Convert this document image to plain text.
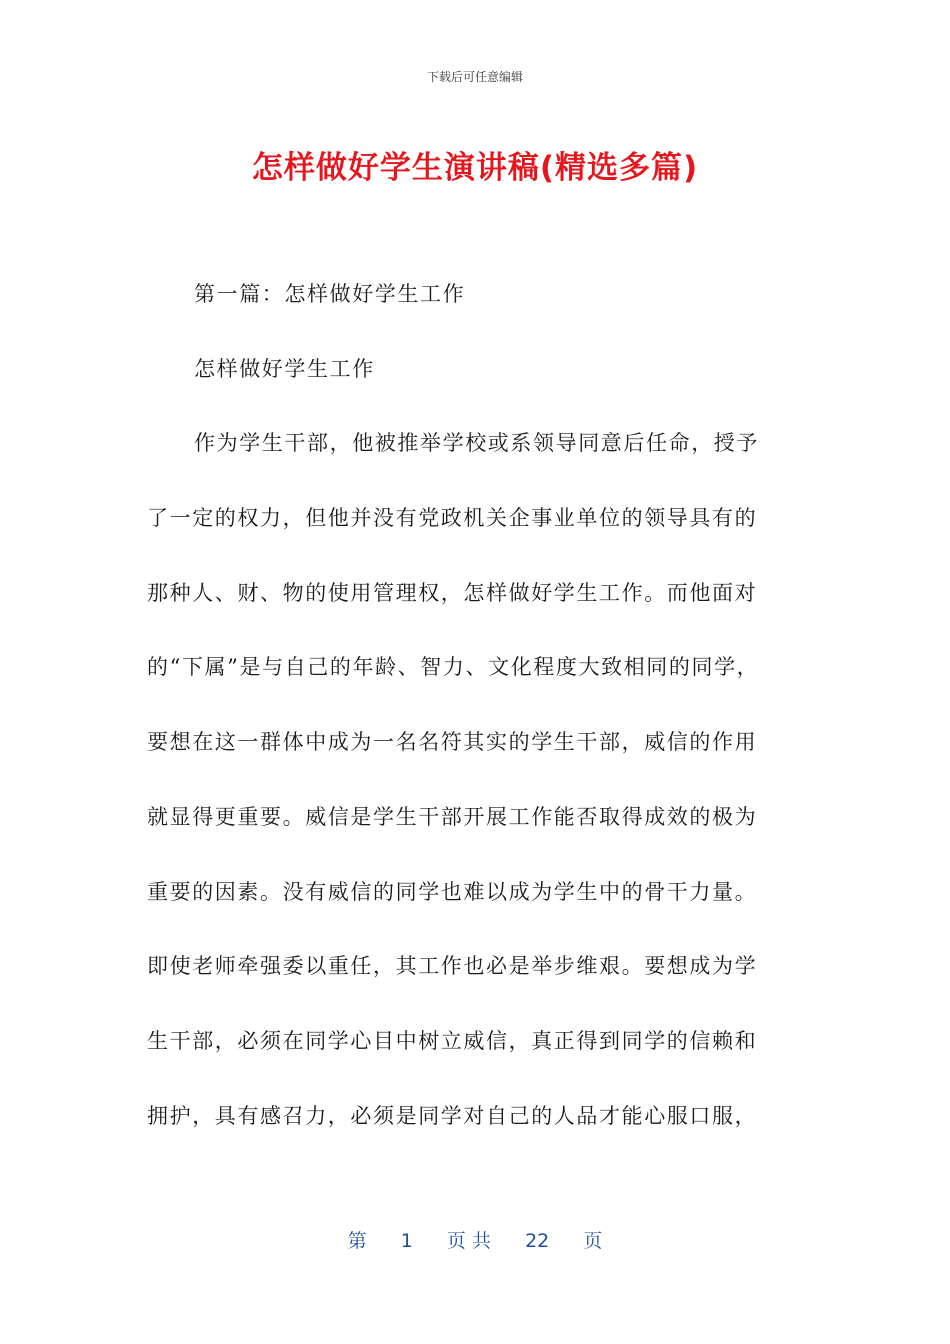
下载后可任意编辑
怎样做好学生演讲稿(精选多篇)
第一篇：怎样做好学生工作
怎样做好学生工作
作为学生干部，他被推举学校或系领导同意后任命，授予
了一定的权力，但他并没有党政机关企事业单位的领导具有的
那种人、财、物的使用管理权，怎样做好学生工作。而他面对
的“下属”是与自己的年龄、智力、文化程度大致相同的同学，
要想在这一群体中成为一名名符其实的学生干部，威信的作用
就显得更重要。威信是学生干部开展工作能否取得成效的极为
重要的因素。没有威信的同学也难以成为学生中的骨干力量。
即使老师牵强委以重任，其工作也必是举步维艰。要想成为学
生干部，必须在同学心目中树立威信，真正得到同学的信赖和
拥护，具有感召力，必须是同学对自己的人品才能心服口服，
第 1 页 共 22 页
